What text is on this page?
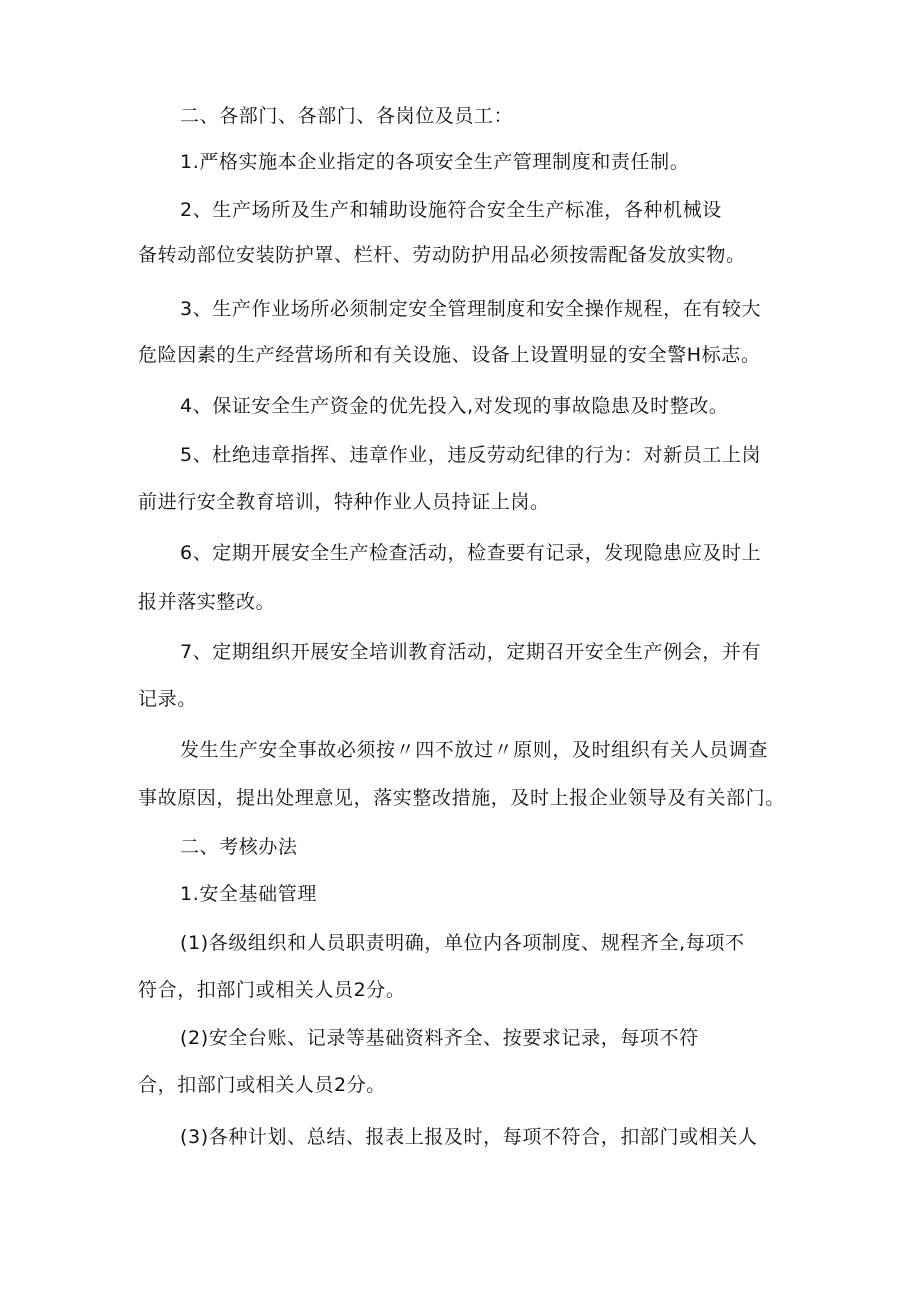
二、各部门、各部门、各岗位及员工：
1.严格实施本企业指定的各项安全生产管理制度和责任制。
2、生产场所及生产和辅助设施符合安全生产标准，各种机械设
备转动部位安装防护罩、栏杆、劳动防护用品必须按需配备发放实物。
3、生产作业场所必须制定安全管理制度和安全操作规程，在有较大
危险因素的生产经营场所和有关设施、设备上设置明显的安全警H标志。
4、保证安全生产资金的优先投入,对发现的事故隐患及时整改。
5、杜绝违章指挥、违章作业，违反劳动纪律的行为：对新员工上岗
前进行安全教育培训，特种作业人员持证上岗。
6、定期开展安全生产检查活动，检查要有记录，发现隐患应及时上
报并落实整改。
7、定期组织开展安全培训教育活动，定期召开安全生产例会，并有
记录。
发生生产安全事故必须按〃四不放过〃原则，及时组织有关人员调查
事故原因，提出处理意见，落实整改措施，及时上报企业领导及有关部门。
二、考核办法
1.安全基础管理
(1)各级组织和人员职责明确，单位内各项制度、规程齐全,每项不
符合，扣部门或相关人员2分。
(2)安全台账、记录等基础资料齐全、按要求记录，每项不符
合，扣部门或相关人员2分。
(3)各种计划、总结、报表上报及时，每项不符合，扣部门或相关人
